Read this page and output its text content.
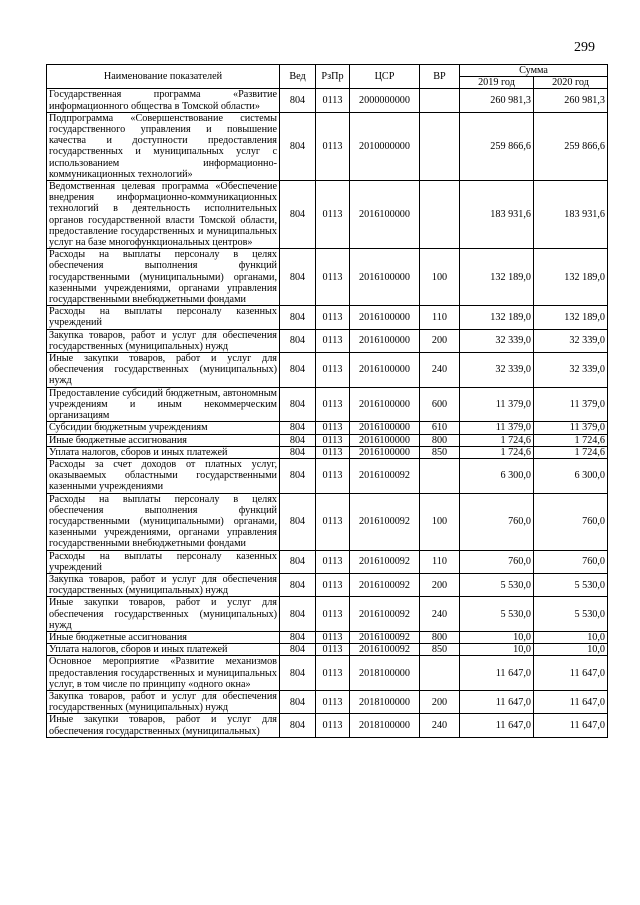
299
Наименование показателей	Вед	РзПр	ЦСР	ВР	Сумма	
					2019 год	2020 год
Государственная программа «Развитие информационного общества в Томской области»	804	0113	2000000000		260 981,3	260 981,3
Подпрограмма «Совершенствование системы государственного управления и повышение качества и доступности предоставления государственных и муниципальных услуг с использованием информационно-коммуникационных технологий»	804	0113	2010000000		259 866,6	259 866,6
Ведомственная целевая программа «Обеспечение внедрения информационно-коммуникационных технологий в деятельность исполнительных органов государственной власти Томской области, предоставление государственных и муниципальных услуг на базе многофункциональных центров»	804	0113	2016100000		183 931,6	183 931,6
Расходы на выплаты персоналу в целях обеспечения выполнения функций государственными (муниципальными) органами, казенными учреждениями, органами управления государственными внебюджетными фондами	804	0113	2016100000	100	132 189,0	132 189,0
Расходы на выплаты персоналу казенных учреждений	804	0113	2016100000	110	132 189,0	132 189,0
Закупка товаров, работ и услуг для обеспечения государственных (муниципальных) нужд	804	0113	2016100000	200	32 339,0	32 339,0
Иные закупки товаров, работ и услуг для обеспечения государственных (муниципальных) нужд	804	0113	2016100000	240	32 339,0	32 339,0
Предоставление субсидий бюджетным, автономным учреждениям и иным некоммерческим организациям	804	0113	2016100000	600	11 379,0	11 379,0
Субсидии бюджетным учреждениям	804	0113	2016100000	610	11 379,0	11 379,0
Иные бюджетные ассигнования	804	0113	2016100000	800	1 724,6	1 724,6
Уплата налогов, сборов и иных платежей	804	0113	2016100000	850	1 724,6	1 724,6
Расходы за счет доходов от платных услуг, оказываемых областными государственными казенными учреждениями	804	0113	2016100092		6 300,0	6 300,0
Расходы на выплаты персоналу в целях обеспечения выполнения функций государственными (муниципальными) органами, казенными учреждениями, органами управления государственными внебюджетными фондами	804	0113	2016100092	100	760,0	760,0
Расходы на выплаты персоналу казенных учреждений	804	0113	2016100092	110	760,0	760,0
Закупка товаров, работ и услуг для обеспечения государственных (муниципальных) нужд	804	0113	2016100092	200	5 530,0	5 530,0
Иные закупки товаров, работ и услуг для обеспечения государственных (муниципальных) нужд	804	0113	2016100092	240	5 530,0	5 530,0
Иные бюджетные ассигнования	804	0113	2016100092	800	10,0	10,0
Уплата налогов, сборов и иных платежей	804	0113	2016100092	850	10,0	10,0
Основное мероприятие «Развитие механизмов предоставления государственных и муниципальных услуг, в том числе по принципу «одного окна»	804	0113	2018100000		11 647,0	11 647,0
Закупка товаров, работ и услуг для обеспечения государственных (муниципальных) нужд	804	0113	2018100000	200	11 647,0	11 647,0
Иные закупки товаров, работ и услуг для обеспечения государственных (муниципальных)	804	0113	2018100000	240	11 647,0	11 647,0
